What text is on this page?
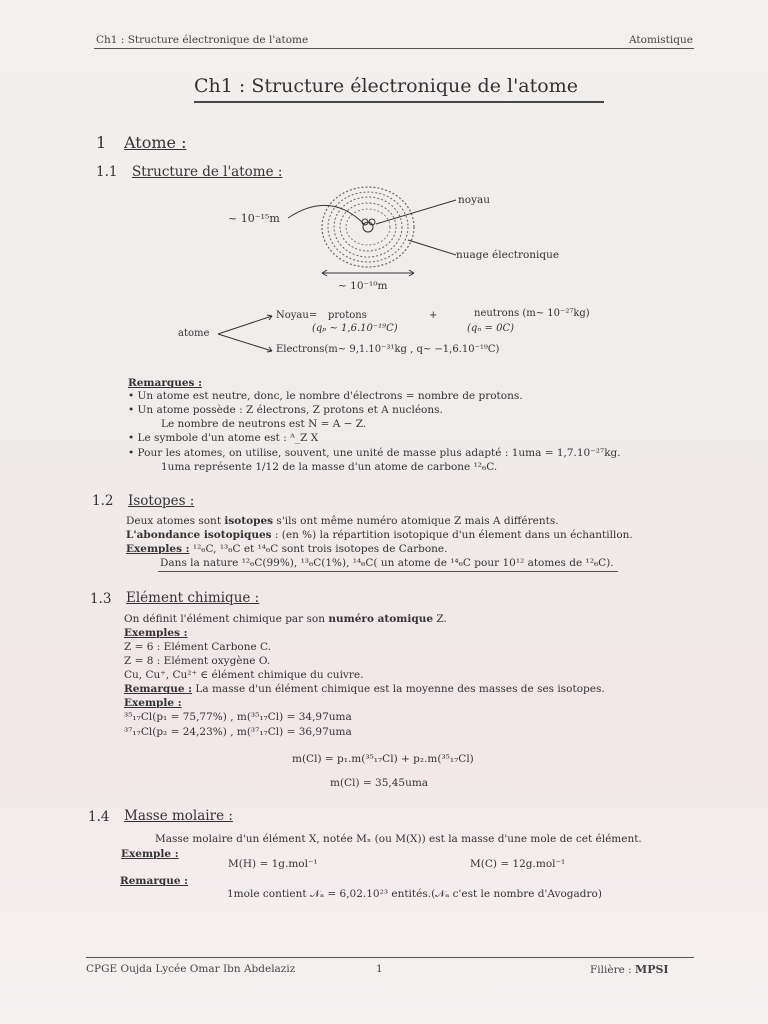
Ch1 : Structure électronique de l'atome	Atomistique
Ch1 : Structure électronique de l'atome
1 Atome :
1.1 Structure de l'atome :
~ 10⁻¹⁵m
noyau
nuage électronique
~ 10⁻¹⁰m
atome
Noyau= protons	+	neutrons (m~ 10⁻²⁷kg)
(qₚ ~ 1,6.10⁻¹⁹C)	(qₙ = 0C)
Electrons(m~ 9,1.10⁻³¹kg , q~ −1,6.10⁻¹⁹C)
Remarques :
• Un atome est neutre, donc, le nombre d'électrons = nombre de protons.
• Un atome possède : Z électrons, Z protons et A nucléons.
Le nombre de neutrons est N = A − Z.
• Le symbole d'un atome est : ᴬ_Z X
• Pour les atomes, on utilise, souvent, une unité de masse plus adapté : 1uma = 1,7.10⁻²⁷kg.
1uma représente 1/12 de la masse d'un atome de carbone ¹²₆C.
1.2 Isotopes :
Deux atomes sont isotopes s'ils ont même numéro atomique Z mais A différents.
L'abondance isotopiques : (en %) la répartition isotopique d'un élement dans un échantillon.
Exemples : ¹²₆C, ¹³₆C et ¹⁴₆C sont trois isotopes de Carbone.
Dans la nature ¹²₆C(99%), ¹³₆C(1%), ¹⁴₆C( un atome de ¹⁴₆C pour 10¹² atomes de ¹²₆C).
1.3 Elément chimique :
On définit l'élément chimique par son numéro atomique Z.
Exemples :
Z = 6 : Elément Carbone C.
Z = 8 : Elément oxygène O.
Cu, Cu⁺, Cu²⁺ ∈ élément chimique du cuivre.
Remarque : La masse d'un élément chimique est la moyenne des masses de ses isotopes.
Exemple :
³⁵₁₇Cl(p₁ = 75,77%) , m(³⁵₁₇Cl) = 34,97uma
³⁷₁₇Cl(p₂ = 24,23%) , m(³⁷₁₇Cl) = 36,97uma
m(Cl) = p₁.m(³⁵₁₇Cl) + p₂.m(³⁵₁₇Cl)
m(Cl) = 35,45uma
1.4 Masse molaire :
Masse molaire d'un élément X, notée Mₓ (ou M(X)) est la masse d'une mole de cet élément.
Exemple :
M(H) = 1g.mol⁻¹	M(C) = 12g.mol⁻¹
Remarque :
1mole contient 𝒩ₐ = 6,02.10²³ entités.(𝒩ₐ c'est le nombre d'Avogadro)
CPGE Oujda Lycée Omar Ibn Abdelaziz	1	Filière : MPSI
